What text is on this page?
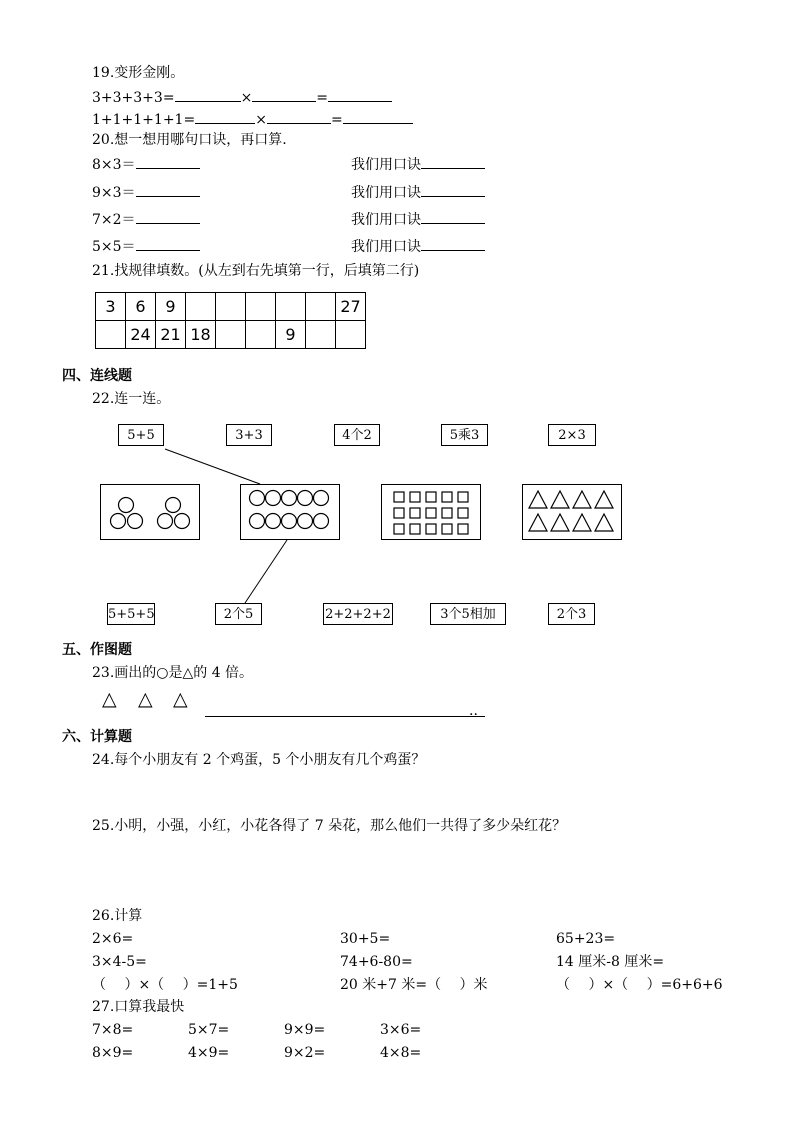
19.变形金刚。
3+3+3+3=	×	=
1+1+1+1+1=	×	=
20.想一想用哪句口诀，再口算.
8×3＝	我们用口诀
9×3＝	我们用口诀
7×2＝	我们用口诀
5×5＝	我们用口诀
21.找规律填数。(从左到右先填第一行，后填第二行)
3	6	9						27
	24	21	18			9		
四、连线题
22.连一连。
5+5	3+3	4个2	5乘3	2×3
5+5+5	2个5	2+2+2+2	3个5相加	2个3
五、作图题
23.画出的○是△的 4 倍。
△ △ △
..
六、计算题
24.每个小朋友有 2 个鸡蛋，5 个小朋友有几个鸡蛋？
25.小明，小强，小红，小花各得了 7 朵花，那么他们一共得了多少朵红花？
26.计算
2×6=	30+5=	65+23=
3×4-5=	74+6-80=	14 厘米-8 厘米=
（　 ）×（　 ）=1+5	20 米+7 米=（　 ）米	（　 ）×（　 ）=6+6+6
27.口算我最快
7×8=	5×7=	9×9=	3×6=
8×9=	4×9=	9×2=	4×8=
